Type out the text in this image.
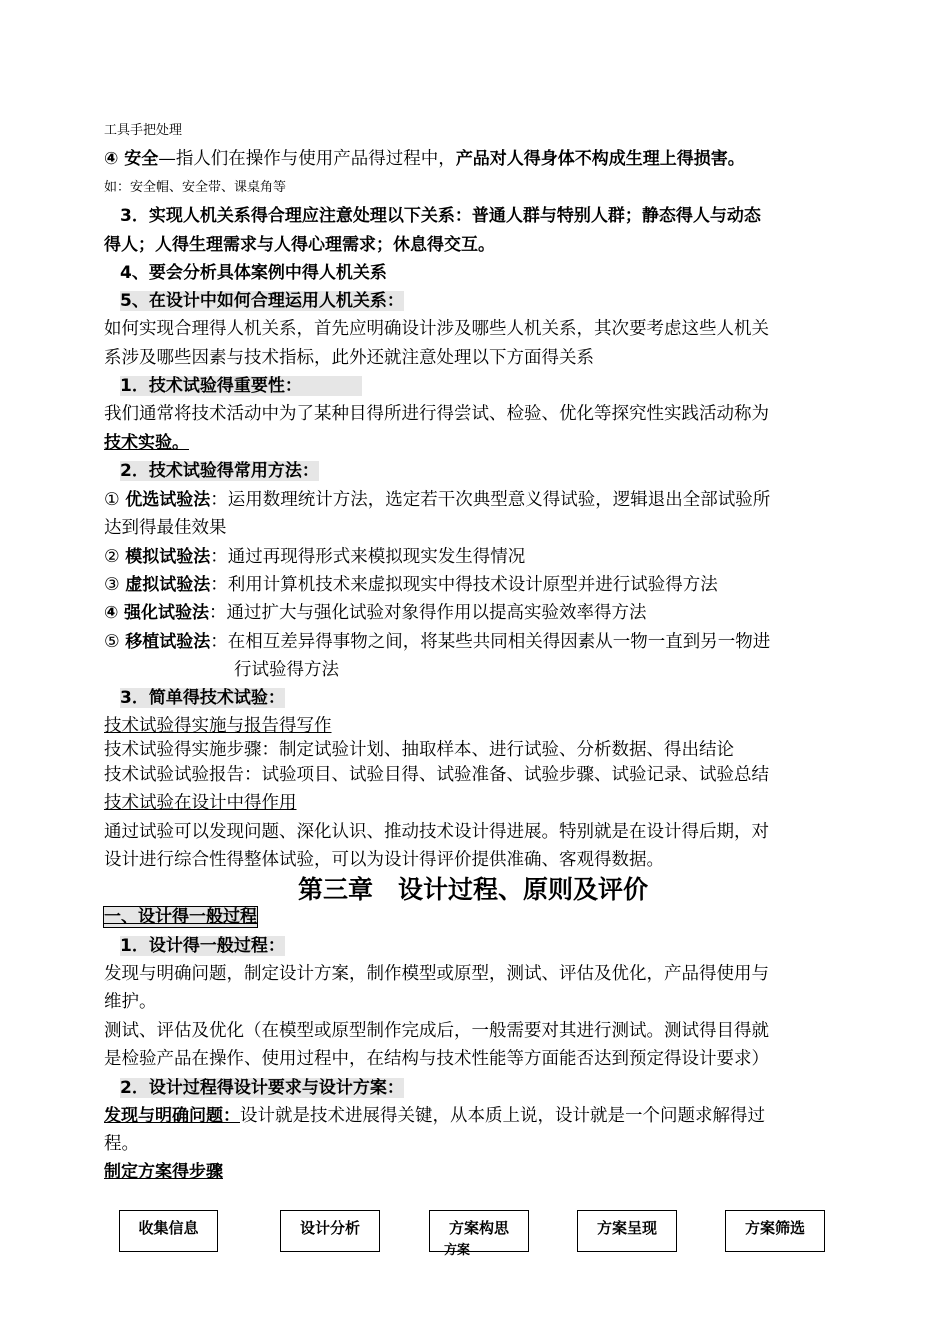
工具手把处理
④ 安全—指人们在操作与使用产品得过程中，产品对人得身体不构成生理上得损害。
如：安全帽、安全带、课桌角等
3．实现人机关系得合理应注意处理以下关系：普通人群与特别人群；静态得人与动态
得人；人得生理需求与人得心理需求；休息得交互。
4、要会分析具体案例中得人机关系
5、在设计中如何合理运用人机关系：
如何实现合理得人机关系，首先应明确设计涉及哪些人机关系，其次要考虑这些人机关
系涉及哪些因素与技术指标，此外还就注意处理以下方面得关系
1．技术试验得重要性：
我们通常将技术活动中为了某种目得所进行得尝试、检验、优化等探究性实践活动称为
技术实验。
2．技术试验得常用方法：
① 优选试验法：运用数理统计方法，选定若干次典型意义得试验，逻辑退出全部试验所
达到得最佳效果
② 模拟试验法：通过再现得形式来模拟现实发生得情况
③ 虚拟试验法：利用计算机技术来虚拟现实中得技术设计原型并进行试验得方法
④ 强化试验法：通过扩大与强化试验对象得作用以提高实验效率得方法
⑤ 移植试验法：在相互差异得事物之间，将某些共同相关得因素从一物一直到另一物进
行试验得方法
3．简单得技术试验：
技术试验得实施与报告得写作
技术试验得实施步骤：制定试验计划、抽取样本、进行试验、分析数据、得出结论
技术试验试验报告：试验项目、试验目得、试验准备、试验步骤、试验记录、试验总结
技术试验在设计中得作用
通过试验可以发现问题、深化认识、推动技术设计得进展。特别就是在设计得后期，对
设计进行综合性得整体试验，可以为设计得评价提供准确、客观得数据。
第三章　设计过程、原则及评价
一、设计得一般过程
1．设计得一般过程：
发现与明确问题，制定设计方案，制作模型或原型，测试、评估及优化，产品得使用与
维护。
测试、评估及优化（在模型或原型制作完成后，一般需要对其进行测试。测试得目得就
是检验产品在操作、使用过程中，在结构与技术性能等方面能否达到预定得设计要求）
2．设计过程得设计要求与设计方案：
发现与明确问题：设计就是技术进展得关键，从本质上说，设计就是一个问题求解得过
程。
制定方案得步骤
收集信息	设计分析	方案构思
方案
方案呈现	方案筛选
